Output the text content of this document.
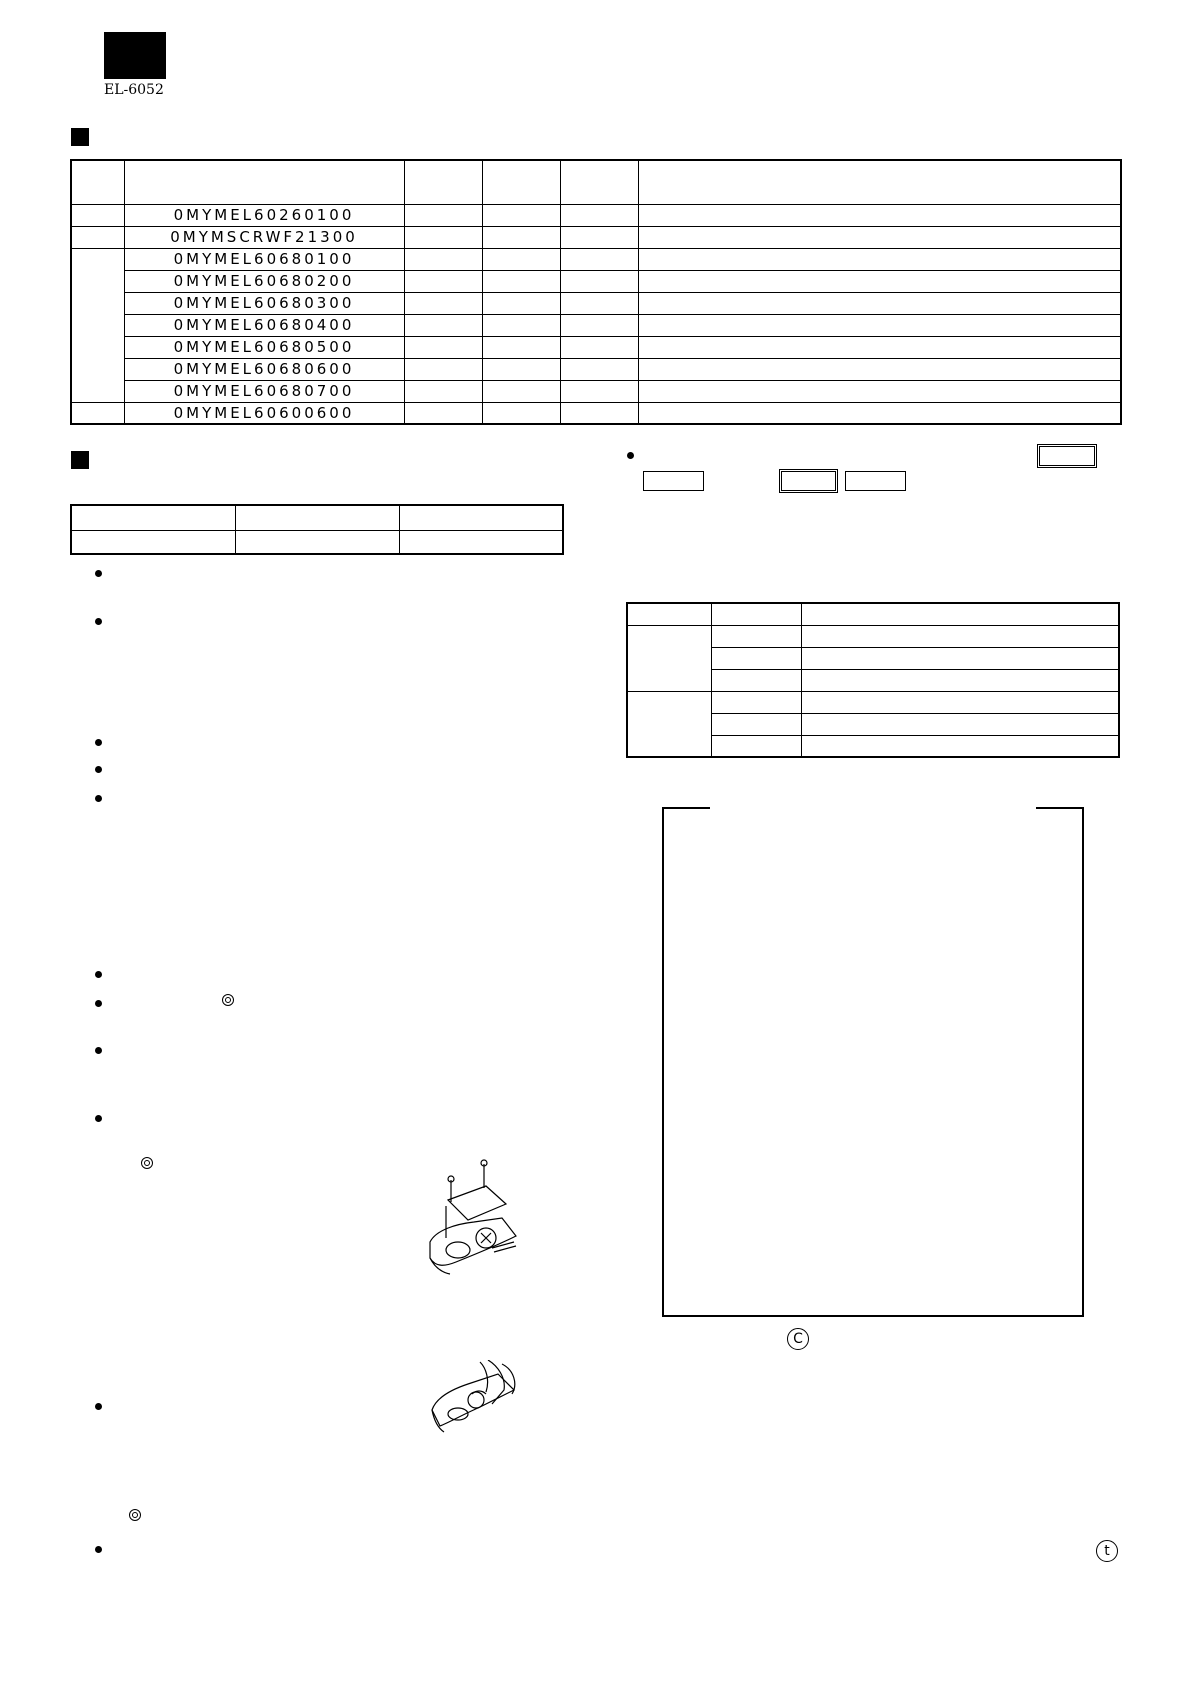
EL-6052

	0MYMEL60260100				
	0MYMSCRWF21300				
	0MYMEL60680100				
	0MYMEL60680200				
	0MYMEL60680300				
	0MYMEL60680400				
	0MYMEL60680500				
	0MYMEL60680600				
	0MYMEL60680700				
	0MYMEL60600600				

C
t
